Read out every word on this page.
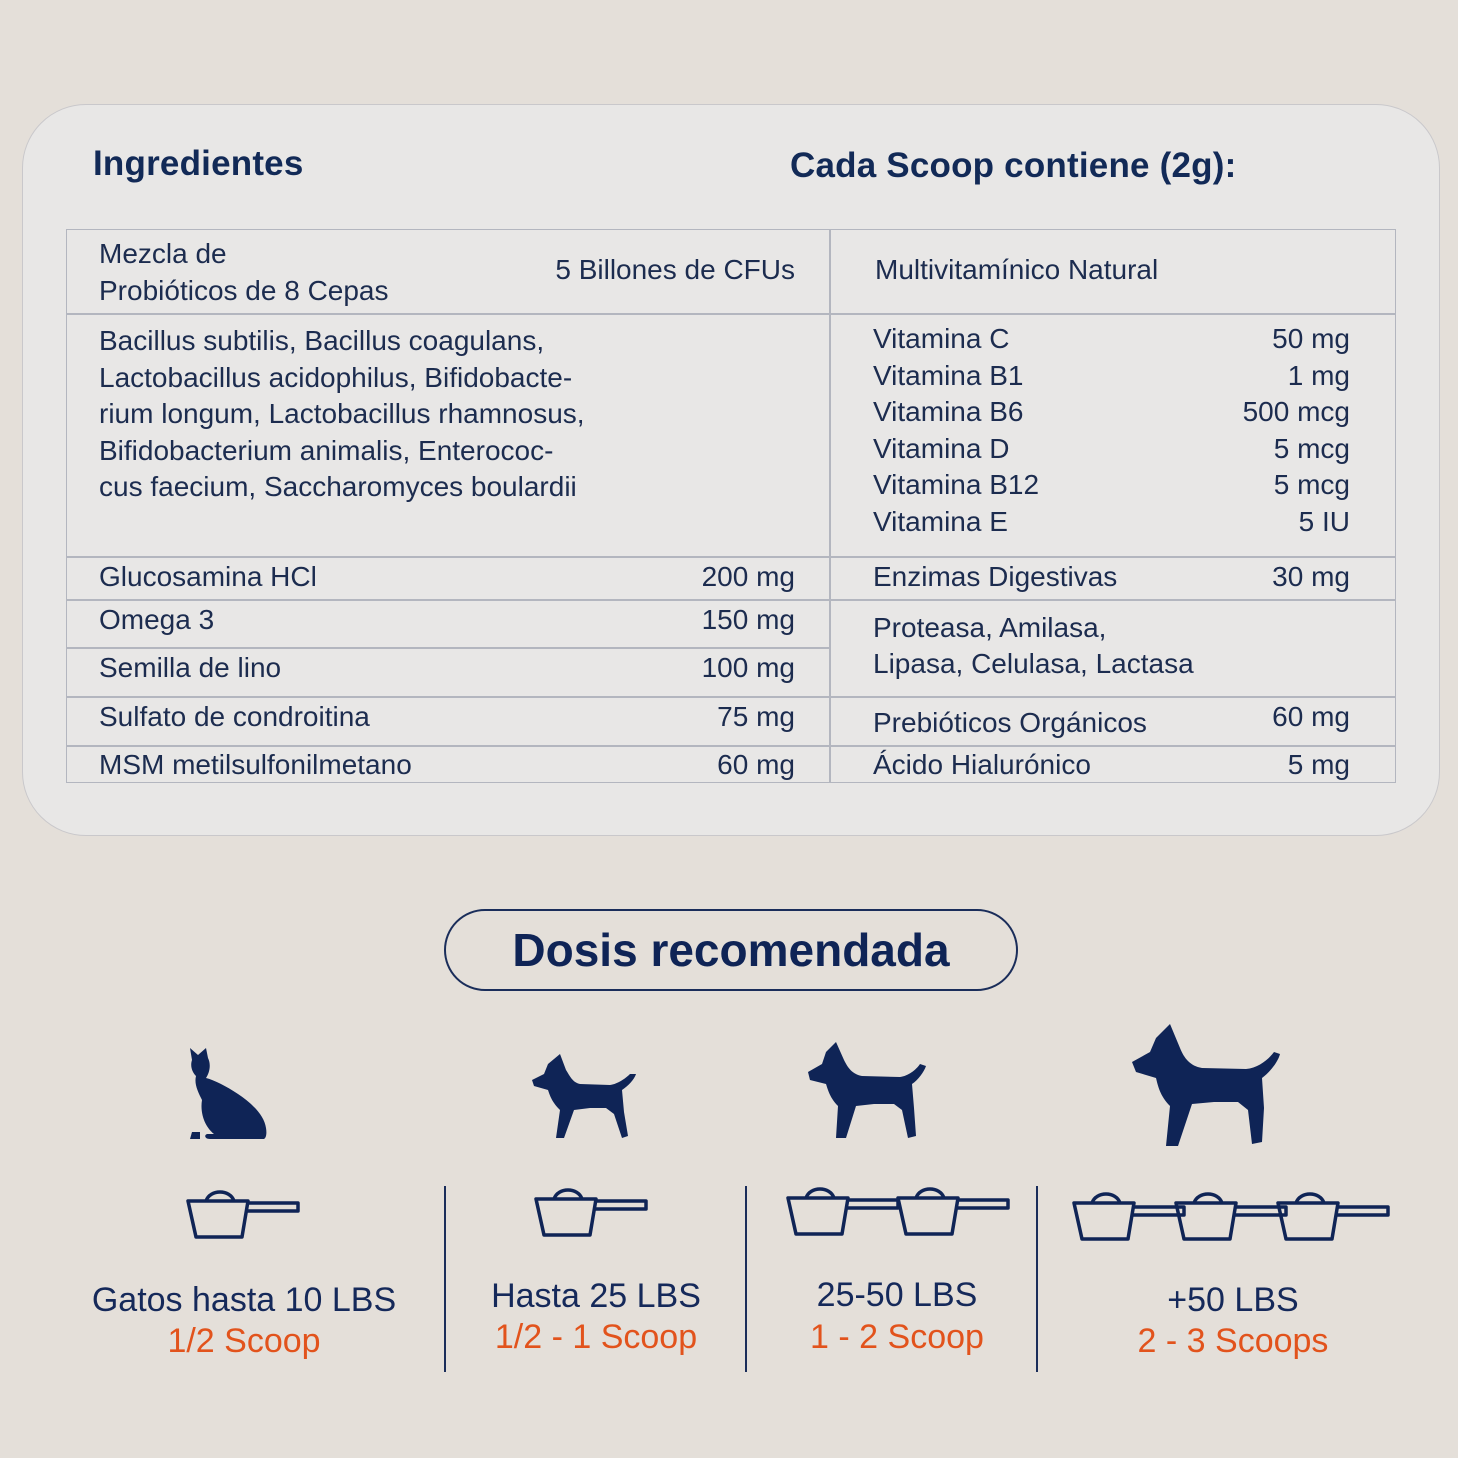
Ingredientes	Cada Scoop contiene (2g):
Mezcla de
Probióticos de 8 Cepas
5 Billones de CFUs
Bacillus subtilis, Bacillus coagulans,
Lactobacillus acidophilus, Bifidobacte-
rium longum, Lactobacillus rhamnosus,
Bifidobacterium animalis, Enterococ-
cus faecium, Saccharomyces boulardii
Glucosamina HCl	200 mg
Omega 3	150 mg
Semilla de lino	100 mg
Sulfato de condroitina	75 mg
MSM metilsulfonilmetano	60 mg
Multivitamínico Natural
Vitamina C	50 mg
Vitamina B1	1 mg
Vitamina B6	500 mcg
Vitamina D	5 mcg
Vitamina B12	5 mcg
Vitamina E	5 IU
Enzimas Digestivas	30 mg
Proteasa, Amilasa,
Lipasa, Celulasa, Lactasa
Prebióticos Orgánicos	60 mg
Ácido Hialurónico	5 mg
Dosis recomendada
Gatos hasta 10 LBS
1/2 Scoop
Hasta 25 LBS
1/2 - 1 Scoop
25-50 LBS
1 - 2 Scoop
+50 LBS
2 - 3 Scoops
